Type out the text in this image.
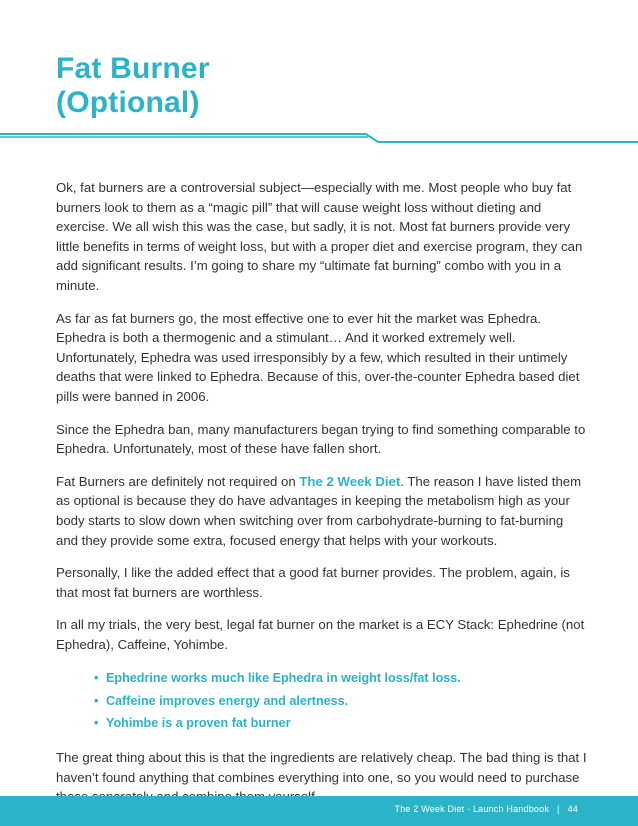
Fat Burner
(Optional)

Ok, fat burners are a controversial subject—especially with me. Most people who buy fat burners look to them as a “magic pill” that will cause weight loss without dieting and exercise. We all wish this was the case, but sadly, it is not. Most fat burners provide very little benefits in terms of weight loss, but with a proper diet and exercise program, they can add significant results. I’m going to share my “ultimate fat burning” combo with you in a minute.

As far as fat burners go, the most effective one to ever hit the market was Ephedra. Ephedra is both a thermogenic and a stimulant… And it worked extremely well. Unfortunately, Ephedra was used irresponsibly by a few, which resulted in their untimely deaths that were linked to Ephedra. Because of this, over-the-counter Ephedra based diet pills were banned in 2006.

Since the Ephedra ban, many manufacturers began trying to find something comparable to Ephedra. Unfortunately, most of these have fallen short.

Fat Burners are definitely not required on The 2 Week Diet. The reason I have listed them as optional is because they do have advantages in keeping the metabolism high as your body starts to slow down when switching over from carbohydrate-burning to fat-burning and they provide some extra, focused energy that helps with your workouts.

Personally, I like the added effect that a good fat burner provides. The problem, again, is that most fat burners are worthless.

In all my trials, the very best, legal fat burner on the market is a ECY Stack: Ephedrine (not Ephedra), Caffeine, Yohimbe.

• Ephedrine works much like Ephedra in weight loss/fat loss.
• Caffeine improves energy and alertness.
• Yohimbe is a proven fat burner

The great thing about this is that the ingredients are relatively cheap. The bad thing is that I haven’t found anything that combines everything into one, so you would need to purchase

The 2 Week Diet - Launch Handbook | 44
